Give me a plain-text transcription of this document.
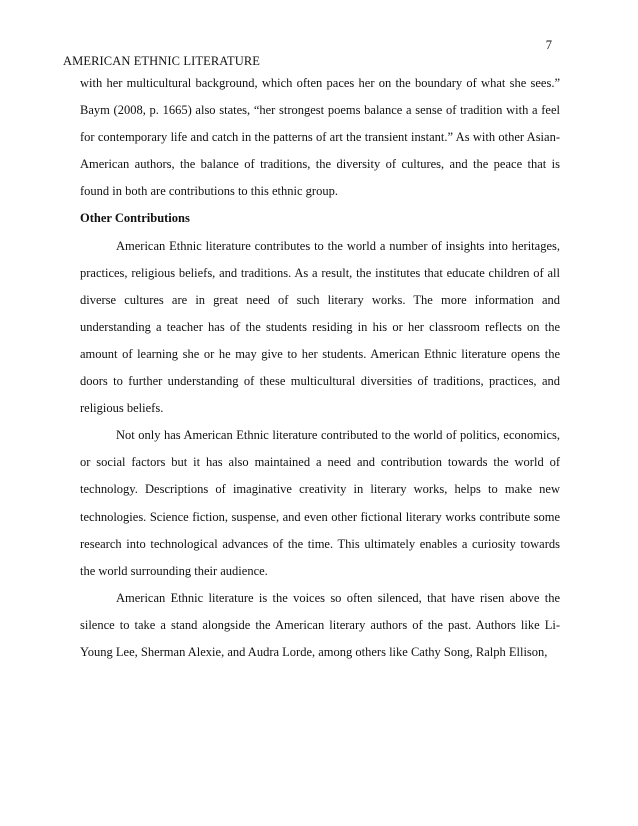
7
AMERICAN ETHNIC LITERATURE

with her multicultural background, which often paces her on the boundary of what she sees.” Baym (2008, p. 1665) also states, “her strongest poems balance a sense of tradition with a feel for contemporary life and catch in the patterns of art the transient instant.” As with other Asian-American authors, the balance of traditions, the diversity of cultures, and the peace that is found in both are contributions to this ethnic group.

Other Contributions

American Ethnic literature contributes to the world a number of insights into heritages, practices, religious beliefs, and traditions. As a result, the institutes that educate children of all diverse cultures are in great need of such literary works. The more information and understanding a teacher has of the students residing in his or her classroom reflects on the amount of learning she or he may give to her students. American Ethnic literature opens the doors to further understanding of these multicultural diversities of traditions, practices, and religious beliefs.

Not only has American Ethnic literature contributed to the world of politics, economics, or social factors but it has also maintained a need and contribution towards the world of technology. Descriptions of imaginative creativity in literary works, helps to make new technologies. Science fiction, suspense, and even other fictional literary works contribute some research into technological advances of the time. This ultimately enables a curiosity towards the world surrounding their audience.

American Ethnic literature is the voices so often silenced, that have risen above the silence to take a stand alongside the American literary authors of the past. Authors like Li-Young Lee, Sherman Alexie, and Audra Lorde, among others like Cathy Song, Ralph Ellison,
